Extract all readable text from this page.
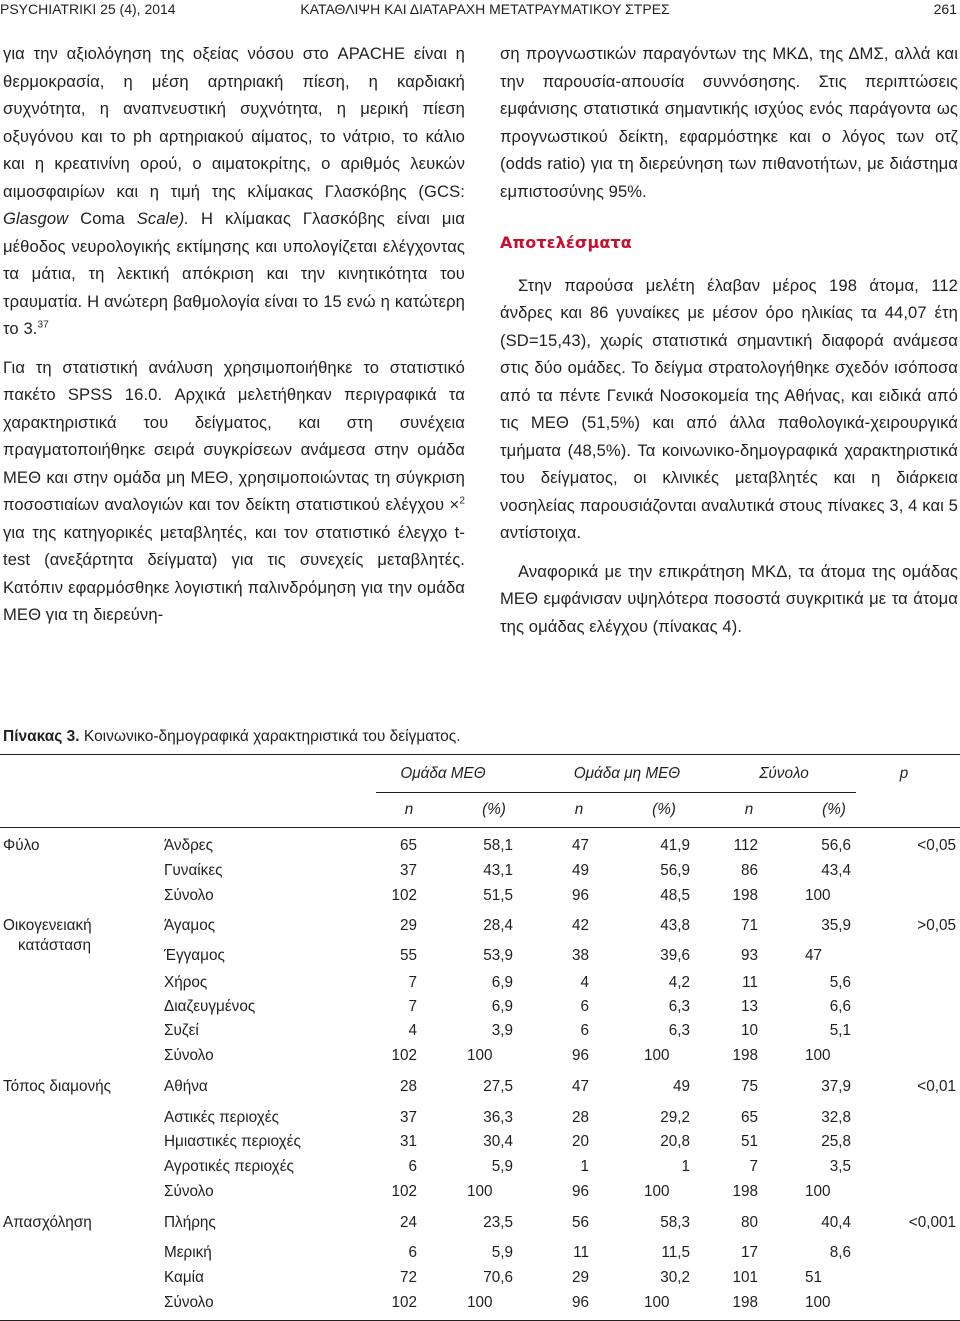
PSYCHIATRIKI 25 (4), 2014	ΚΑΤΑΘΛΙΨΗ ΚΑΙ ΔΙΑΤΑΡΑΧΗ ΜΕΤΑΤΡΑΥΜΑΤΙΚΟΥ ΣΤΡΕΣ	261

για την αξιολόγηση της οξείας νόσου στο APACHE είναι η θερμοκρασία, η μέση αρτηριακή πίεση, η καρδιακή συχνότητα, η αναπνευστική συχνότητα, η μερική πίεση οξυγόνου και το ph αρτηριακού αίματος, το νάτριο, το κάλιο και η κρεατινίνη ορού, ο αιματοκρίτης, ο αριθμός λευκών αιμοσφαιρίων και η τιμή της κλίμακας Γλασκόβης (GCS: Glasgow Coma Scale). Η κλίμακας Γλασκόβης είναι μια μέθοδος νευρολογικής εκτίμησης και υπολογίζεται ελέγχοντας τα μάτια, τη λεκτική απόκριση και την κινητικότητα του τραυματία. Η ανώτερη βαθμολογία είναι το 15 ενώ η κατώτερη το 3.37

Για τη στατιστική ανάλυση χρησιμοποιήθηκε το στατιστικό πακέτο SPSS 16.0. Αρχικά μελετήθηκαν περιγραφικά τα χαρακτηριστικά του δείγματος, και στη συνέχεια πραγματοποιήθηκε σειρά συγκρίσεων ανάμεσα στην ομάδα ΜΕΘ και στην ομάδα μη ΜΕΘ, χρησιμοποιώντας τη σύγκριση ποσοστιαίων αναλογιών και τον δείκτη στατιστικού ελέγχου ×$^2$ για της κατηγορικές μεταβλητές, και τον στατιστικό έλεγχο t-test (ανεξάρτητα δείγματα) για τις συνεχείς μεταβλητές. Κατόπιν εφαρμόσθηκε λογιστική παλινδρόμηση για την ομάδα ΜΕΘ για τη διερεύνη-

ση προγνωστικών παραγόντων της ΜΚΔ, της ΔΜΣ, αλλά και την παρουσία-απουσία συννόσησης. Στις περιπτώσεις εμφάνισης στατιστικά σημαντικής ισχύος ενός παράγοντα ως προγνωστικού δείκτη, εφαρμόστηκε και ο λόγος των οτζ (odds ratio) για τη διερεύνηση των πιθανοτήτων, με διάστημα εμπιστοσύνης 95%.

Αποτελέσματα

Στην παρούσα μελέτη έλαβαν μέρος 198 άτομα, 112 άνδρες και 86 γυναίκες με μέσον όρο ηλικίας τα 44,07 έτη (SD=15,43), χωρίς στατιστικά σημαντική διαφορά ανάμεσα στις δύο ομάδες. Το δείγμα στρατολογήθηκε σχεδόν ισόποσα από τα πέντε Γενικά Νοσοκομεία της Αθήνας, και ειδικά από τις ΜΕΘ (51,5%) και από άλλα παθολογικά-χειρουργικά τμήματα (48,5%). Τα κοινωνικο-δημογραφικά χαρακτηριστικά του δείγματος, οι κλινικές μεταβλητές και η διάρκεια νοσηλείας παρουσιάζονται αναλυτικά στους πίνακες 3, 4 και 5 αντίστοιχα.

Αναφορικά με την επικράτηση ΜΚΔ, τα άτομα της ομάδας ΜΕΘ εμφάνισαν υψηλότερα ποσοστά συγκριτικά με τα άτομα της ομάδας ελέγχου (πίνακας 4).

Πίνακας 3. Κοινωνικο-δημογραφικά χαρακτηριστικά του δείγματος.
Ομάδα ΜΕΘ	Ομάδα μη ΜΕΘ	Σύνολο	p
n	(%)	n	(%)	n	(%)
Φύλο	Άνδρες	65	58,1	47	41,9	112	56,6	<0,05
Γυναίκες	37	43,1	49	56,9	86	43,4
Σύνολο	102	51,5	96	48,5	198	100
Οικογενειακή
κατάσταση
Άγαμος	29	28,4	42	43,8	71	35,9	>0,05
Έγγαμος	55	53,9	38	39,6	93	47
Χήρος	7	6,9	4	4,2	11	5,6
Διαζευγμένος	7	6,9	6	6,3	13	6,6
Συζεί	4	3,9	6	6,3	10	5,1
Σύνολο	102	100	96	100	198	100
Τόπος διαμονής	Αθήνα	28	27,5	47	49	75	37,9	<0,01
Αστικές περιοχές	37	36,3	28	29,2	65	32,8
Ημιαστικές περιοχές	31	30,4	20	20,8	51	25,8
Αγροτικές περιοχές	6	5,9	1	1	7	3,5
Σύνολο	102	100	96	100	198	100
Απασχόληση	Πλήρης	24	23,5	56	58,3	80	40,4	<0,001
Μερική	6	5,9	11	11,5	17	8,6
Καμία	72	70,6	29	30,2	101	51
Σύνολο	102	100	96	100	198	100
